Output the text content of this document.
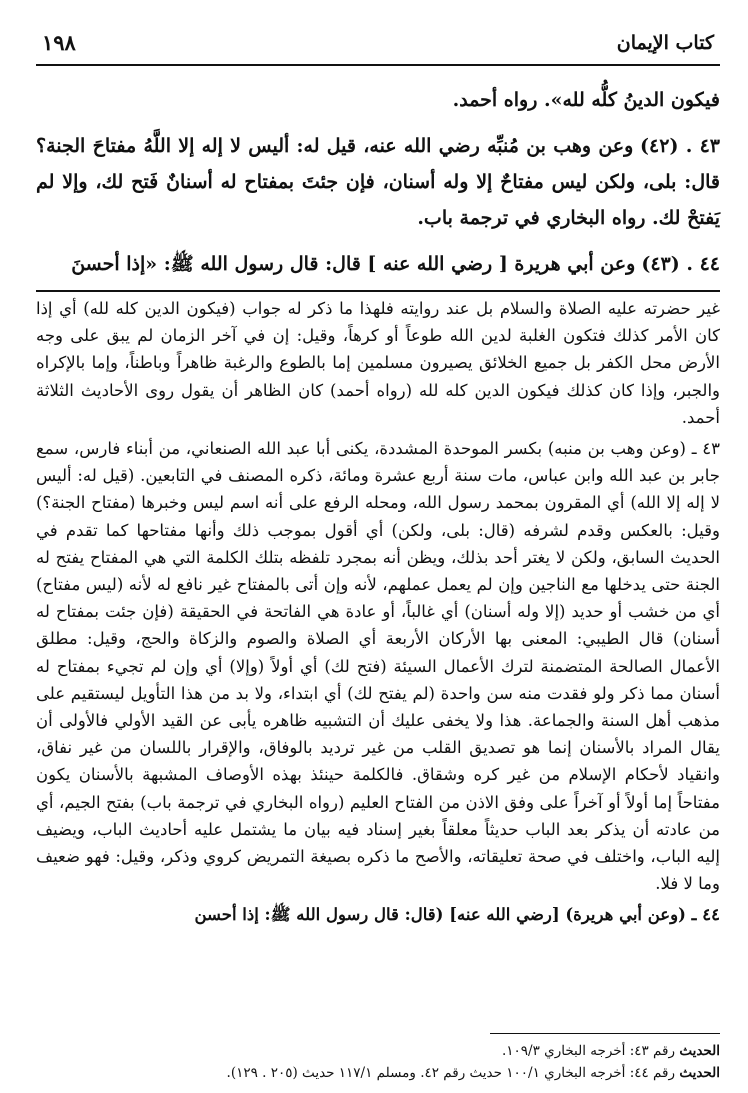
كتاب الإيمان
١٩٨

فيكون الدينُ كلُّه لله». رواه أحمد.

٤٣ . (٤٢) وعن وهب بن مُنبِّه رضي الله عنه، قيل له: أليس لا إله إلا اللَّهُ مفتاحَ الجنة؟ قال: بلى، ولكن ليس مفتاحٌ إلا وله أسنان، فإن جئتَ بمفتاح له أسنانٌ فَتح لك، وإلا لم يَفتحْ لك. رواه البخاري في ترجمة باب.

٤٤ . (٤٣) وعن أبي هريرة [ رضي الله عنه ] قال: قال رسول الله ﷺ: «إذا أحسنَ

غير حضرته عليه الصلاة والسلام بل عند روايته فلهذا ما ذكر له جواب (فيكون الدين كله لله) أي إذا كان الأمر كذلك فتكون الغلبة لدين الله طوعاً أو كرهاً، وقيل: إن في آخر الزمان لم يبق على وجه الأرض محل الكفر بل جميع الخلائق يصيرون مسلمين إما بالطوع والرغبة ظاهراً وباطناً، وإما بالإكراه والجبر، وإذا كان كذلك فيكون الدين كله لله (رواه أحمد) كان الظاهر أن يقول روى الأحاديث الثلاثة أحمد.

٤٣ ـ (وعن وهب بن منبه) بكسر الموحدة المشددة، يكنى أبا عبد الله الصنعاني، من أبناء فارس، سمع جابر بن عبد الله وابن عباس، مات سنة أربع عشرة ومائة، ذكره المصنف في التابعين. (قيل له: أليس لا إله إلا الله) أي المقرون بمحمد رسول الله، ومحله الرفع على أنه اسم ليس وخبرها (مفتاح الجنة؟) وقيل: بالعكس وقدم لشرفه (قال: بلى، ولكن) أي أقول بموجب ذلك وأنها مفتاحها كما تقدم في الحديث السابق، ولكن لا يغتر أحد بذلك، ويظن أنه بمجرد تلفظه بتلك الكلمة التي هي المفتاح يفتح له الجنة حتى يدخلها مع الناجين وإن لم يعمل عملهم، لأنه وإن أتى بالمفتاح غير نافع له لأنه (ليس مفتاح) أي من خشب أو حديد (إلا وله أسنان) أي غالباً، أو عادة هي الفاتحة في الحقيقة (فإن جئت بمفتاح له أسنان) قال الطيبي: المعنى بها الأركان الأربعة أي الصلاة والصوم والزكاة والحج، وقيل: مطلق الأعمال الصالحة المتضمنة لترك الأعمال السيئة (فتح لك) أي أولاً (وإلا) أي وإن لم تجيء بمفتاح له أسنان مما ذكر ولو فقدت منه سن واحدة (لم يفتح لك) أي ابتداء، ولا بد من هذا التأويل ليستقيم على مذهب أهل السنة والجماعة. هذا ولا يخفى عليك أن التشبيه ظاهره يأبى عن القيد الأولي فالأولى أن يقال المراد بالأسنان إنما هو تصديق القلب من غير ترديد بالوفاق، والإقرار باللسان من غير نفاق، وانقياد لأحكام الإسلام من غير كره وشقاق. فالكلمة حينئذ بهذه الأوصاف المشبهة بالأسنان يكون مفتاحاً إما أولاً أو آخراً على وفق الاذن من الفتاح العليم (رواه البخاري في ترجمة باب) بفتح الجيم، أي من عادته أن يذكر بعد الباب حديثاً معلقاً بغير إسناد فيه بيان ما يشتمل عليه أحاديث الباب، ويضيف إليه الباب، واختلف في صحة تعليقاته، والأصح ما ذكره بصيغة التمريض كروي وذكر، وقيل: فهو ضعيف وما لا فلا.

٤٤ ـ (وعن أبي هريرة) [رضي الله عنه] (قال: قال رسول الله ﷺ: إذا أحسن

الحديث رقم ٤٣: أخرجه البخاري ١٠٩/٣.
الحديث رقم ٤٤: أخرجه البخاري ١٠٠/١ حديث رقم ٤٢. ومسلم ١١٧/١ حديث (٢٠٥ . ١٢٩).
